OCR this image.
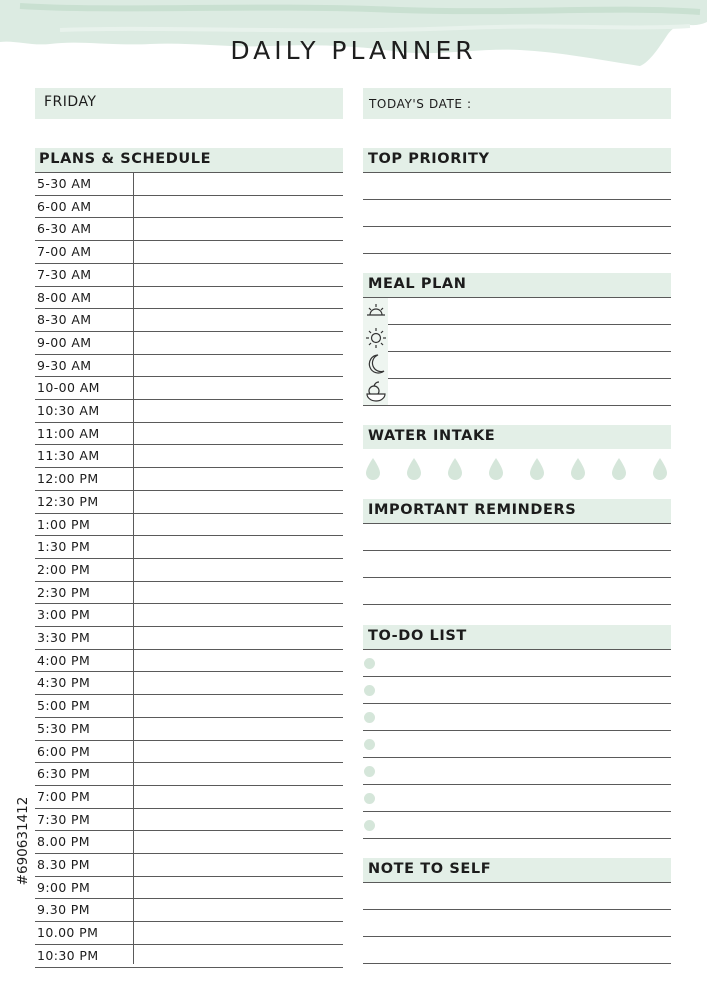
DAILY PLANNER
FRIDAY	TODAY'S DATE :
PLANS & SCHEDULE
5-30 AM
6-00 AM
6-30 AM
7-00 AM
7-30 AM
8-00 AM
8-30 AM
9-00 AM
9-30 AM
10-00 AM
10:30 AM
11:00 AM
11:30 AM
12:00 PM
12:30 PM
1:00 PM
1:30 PM
2:00 PM
2:30 PM
3:00 PM
3:30 PM
4:00 PM
4:30 PM
5:00 PM
5:30 PM
6:00 PM
6:30 PM
7:00 PM
7:30 PM
8.00 PM
8.30 PM
9:00 PM
9.30 PM
10.00 PM
10:30 PM
TOP PRIORITY
MEAL PLAN
WATER INTAKE
IMPORTANT REMINDERS
TO-DO LIST
NOTE TO SELF
#690631412
